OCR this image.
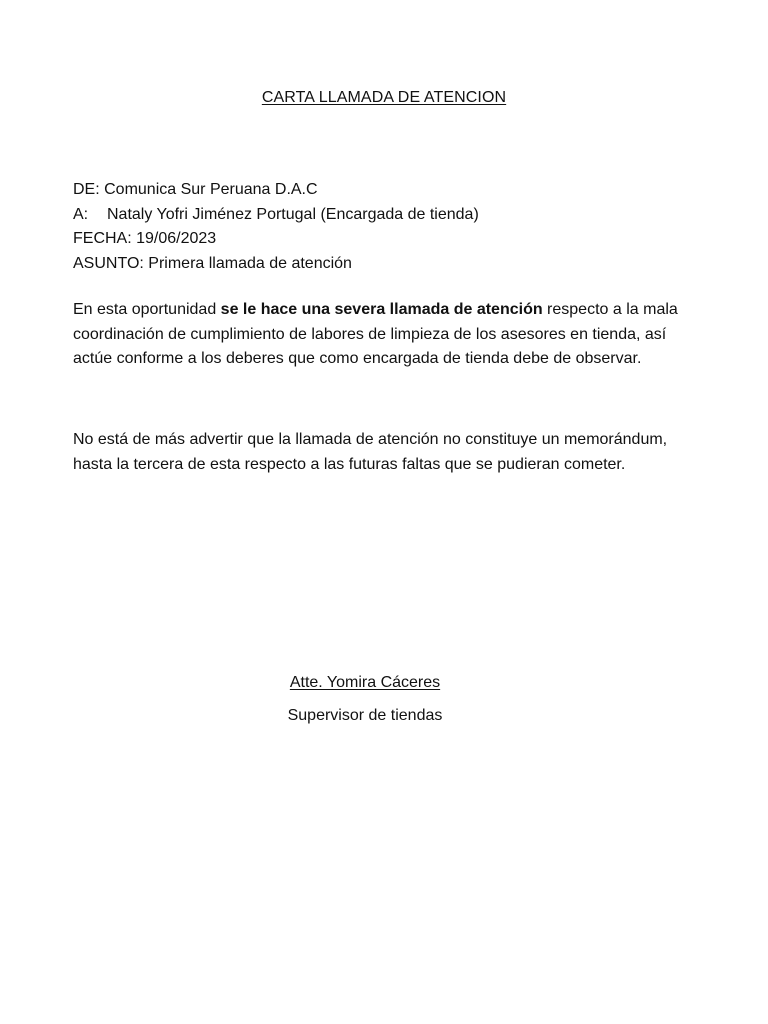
CARTA LLAMADA DE ATENCION
DE: Comunica Sur Peruana D.A.C
A: Nataly Yofri Jiménez Portugal (Encargada de tienda)
FECHA: 19/06/2023
ASUNTO: Primera llamada de atención
En esta oportunidad se le hace una severa llamada de atención respecto a la mala coordinación de cumplimiento de labores de limpieza de los asesores en tienda, así actúe conforme a los deberes que como encargada de tienda debe de observar.
No está de más advertir que la llamada de atención no constituye un memorándum, hasta la tercera de esta respecto a las futuras faltas que se pudieran cometer.
Atte. Yomira Cáceres
Supervisor de tiendas
